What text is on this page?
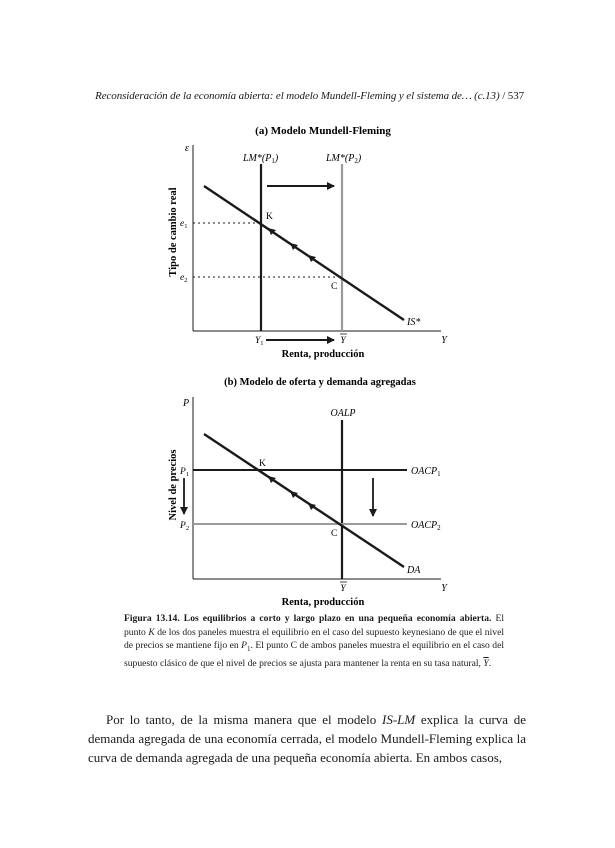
Reconsideración de la economía abierta: el modelo Mundell-Fleming y el sistema de… (c.13) / 537
(a) Modelo Mundell-Fleming
ε
Y
Tipo de cambio real
Renta, producción
$LM*(P_1)$	$LM*(P_2)$
IS*
$e_1$
$e_2$
K
C
$Y_1$	Y
(b) Modelo de oferta y demanda agregadas
P
Y
Nivel de precios
Renta, producción
OALP
$OACP_1$
$OACP_2$
DA
$P_1$
$P_2$
K
C
Y
Figura 13.14. Los equilibrios a corto y largo plazo en una pequeña economía abierta. El punto K de los dos paneles muestra el equilibrio en el caso del supuesto keynesiano de que el nivel de precios se mantiene fijo en $P_1$. El punto C de ambos paneles muestra el equilibrio en el caso del supuesto clásico de que el nivel de precios se ajusta para mantener la renta en su tasa natural, $\overline{Y}$.
Por lo tanto, de la misma manera que el modelo IS-LM explica la curva de demanda agregada de una economía cerrada, el modelo Mundell-Fleming explica la curva de demanda agregada de una pequeña economía abierta. En ambos casos,
